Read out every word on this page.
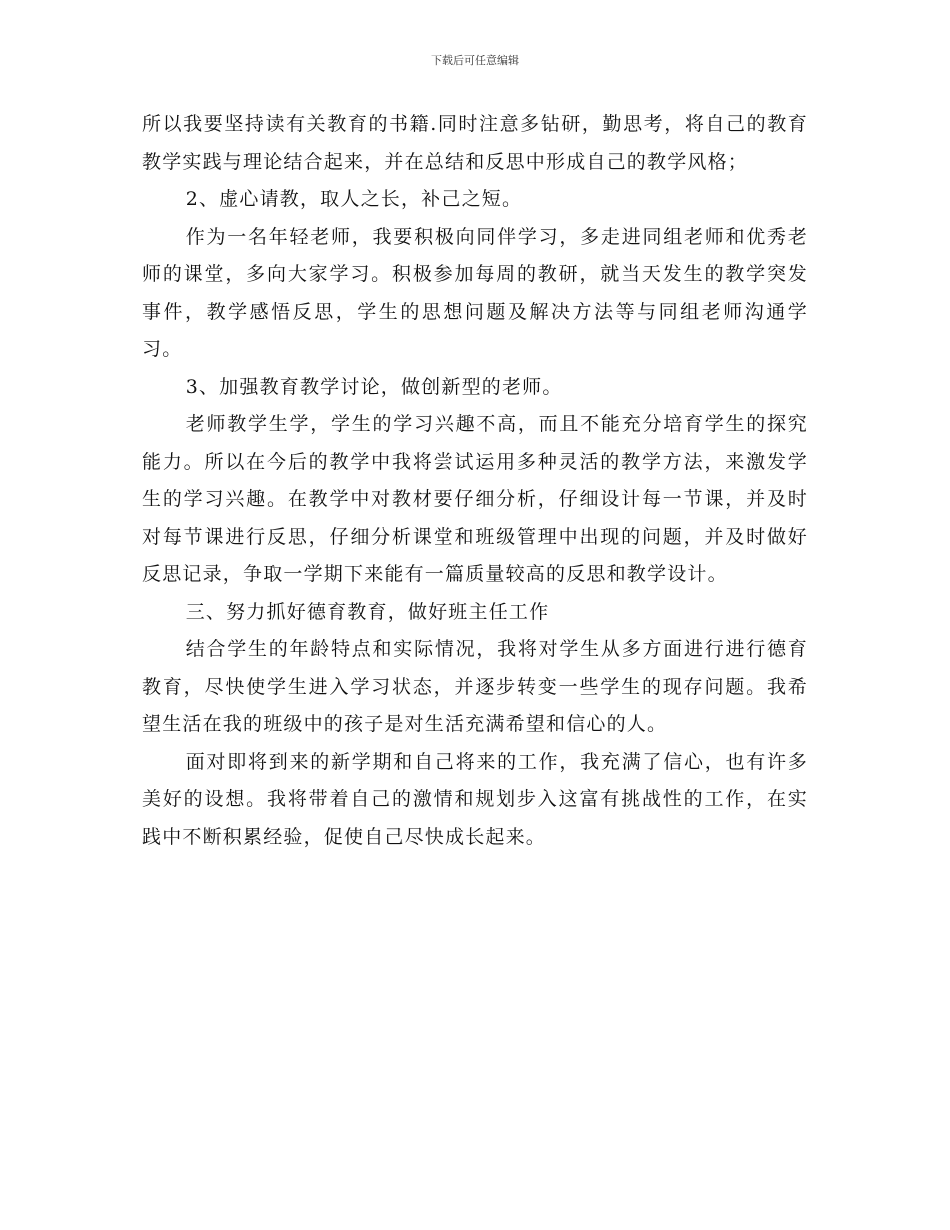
下载后可任意编辑

所以我要坚持读有关教育的书籍.同时注意多钻研，勤思考，将自己的教育教学实践与理论结合起来，并在总结和反思中形成自己的教学风格；

2、虚心请教，取人之长，补己之短。

作为一名年轻老师，我要积极向同伴学习，多走进同组老师和优秀老师的课堂，多向大家学习。积极参加每周的教研，就当天发生的教学突发事件，教学感悟反思，学生的思想问题及解决方法等与同组老师沟通学习。

3、加强教育教学讨论，做创新型的老师。

老师教学生学，学生的学习兴趣不高，而且不能充分培育学生的探究能力。所以在今后的教学中我将尝试运用多种灵活的教学方法，来激发学生的学习兴趣。在教学中对教材要仔细分析，仔细设计每一节课，并及时对每节课进行反思，仔细分析课堂和班级管理中出现的问题，并及时做好反思记录，争取一学期下来能有一篇质量较高的反思和教学设计。

三、努力抓好德育教育，做好班主任工作

结合学生的年龄特点和实际情况，我将对学生从多方面进行进行德育教育，尽快使学生进入学习状态，并逐步转变一些学生的现存问题。我希望生活在我的班级中的孩子是对生活充满希望和信心的人。

面对即将到来的新学期和自己将来的工作，我充满了信心，也有许多美好的设想。我将带着自己的激情和规划步入这富有挑战性的工作，在实践中不断积累经验，促使自己尽快成长起来。
